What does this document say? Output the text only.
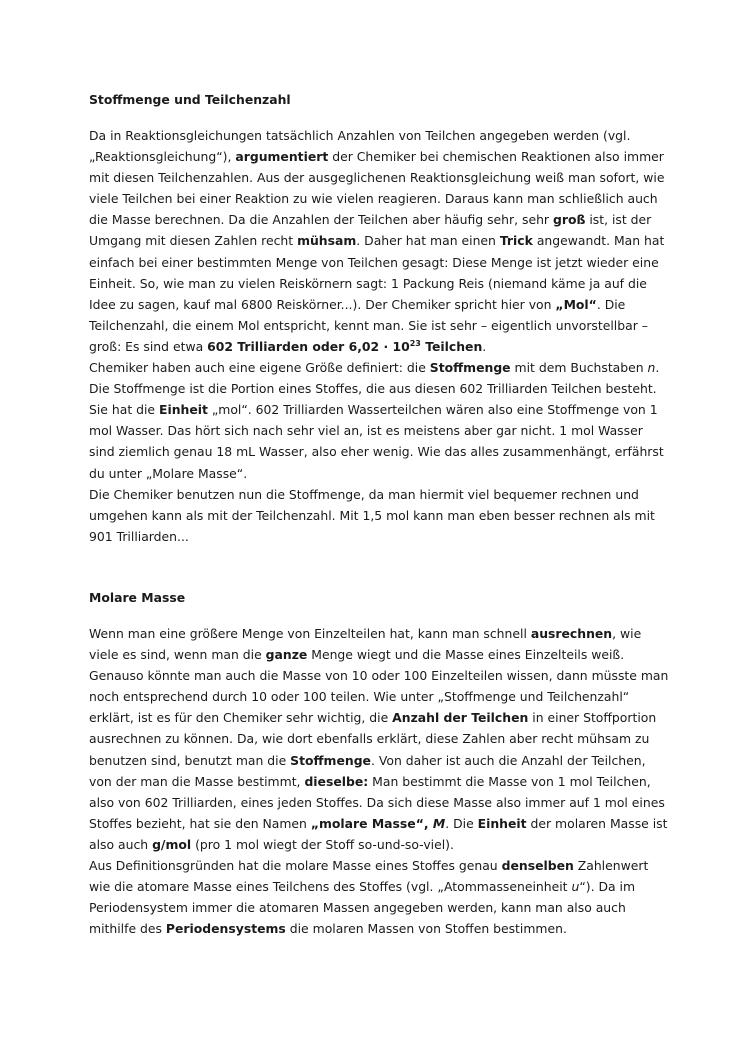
Stoffmenge und Teilchenzahl

Da in Reaktionsgleichungen tatsächlich Anzahlen von Teilchen angegeben werden (vgl. „Reaktionsgleichung“), argumentiert der Chemiker bei chemischen Reaktionen also immer mit diesen Teilchenzahlen. Aus der ausgeglichenen Reaktionsgleichung weiß man sofort, wie viele Teilchen bei einer Reaktion zu wie vielen reagieren. Daraus kann man schließlich auch die Masse berechnen. Da die Anzahlen der Teilchen aber häufig sehr, sehr groß ist, ist der Umgang mit diesen Zahlen recht mühsam. Daher hat man einen Trick angewandt. Man hat einfach bei einer bestimmten Menge von Teilchen gesagt: Diese Menge ist jetzt wieder eine Einheit. So, wie man zu vielen Reiskörnern sagt: 1 Packung Reis (niemand käme ja auf die Idee zu sagen, kauf mal 6800 Reiskörner...). Der Chemiker spricht hier von „Mol“. Die Teilchenzahl, die einem Mol entspricht, kennt man. Sie ist sehr – eigentlich unvorstellbar – groß: Es sind etwa 602 Trilliarden oder $6,02 \cdot 10^{23}$ Teilchen.

Chemiker haben auch eine eigene Größe definiert: die Stoffmenge mit dem Buchstaben n. Die Stoffmenge ist die Portion eines Stoffes, die aus diesen 602 Trilliarden Teilchen besteht. Sie hat die Einheit „mol“. 602 Trilliarden Wasserteilchen wären also eine Stoffmenge von 1 mol Wasser. Das hört sich nach sehr viel an, ist es meistens aber gar nicht. 1 mol Wasser sind ziemlich genau 18 mL Wasser, also eher wenig. Wie das alles zusammenhängt, erfährst du unter „Molare Masse“.

Die Chemiker benutzen nun die Stoffmenge, da man hiermit viel bequemer rechnen und umgehen kann als mit der Teilchenzahl. Mit 1,5 mol kann man eben besser rechnen als mit 901 Trilliarden...

Molare Masse

Wenn man eine größere Menge von Einzelteilen hat, kann man schnell ausrechnen, wie viele es sind, wenn man die ganze Menge wiegt und die Masse eines Einzelteils weiß. Genauso könnte man auch die Masse von 10 oder 100 Einzelteilen wissen, dann müsste man noch entsprechend durch 10 oder 100 teilen. Wie unter „Stoffmenge und Teilchenzahl“ erklärt, ist es für den Chemiker sehr wichtig, die Anzahl der Teilchen in einer Stoffportion ausrechnen zu können. Da, wie dort ebenfalls erklärt, diese Zahlen aber recht mühsam zu benutzen sind, benutzt man die Stoffmenge. Von daher ist auch die Anzahl der Teilchen, von der man die Masse bestimmt, dieselbe: Man bestimmt die Masse von 1 mol Teilchen, also von 602 Trilliarden, eines jeden Stoffes. Da sich diese Masse also immer auf 1 mol eines Stoffes bezieht, hat sie den Namen „molare Masse“, M. Die Einheit der molaren Masse ist also auch g/mol (pro 1 mol wiegt der Stoff so-und-so-viel).

Aus Definitionsgründen hat die molare Masse eines Stoffes genau denselben Zahlenwert wie die atomare Masse eines Teilchens des Stoffes (vgl. „Atommasseneinheit u“). Da im Periodensystem immer die atomaren Massen angegeben werden, kann man also auch mithilfe des Periodensystems die molaren Massen von Stoffen bestimmen.
